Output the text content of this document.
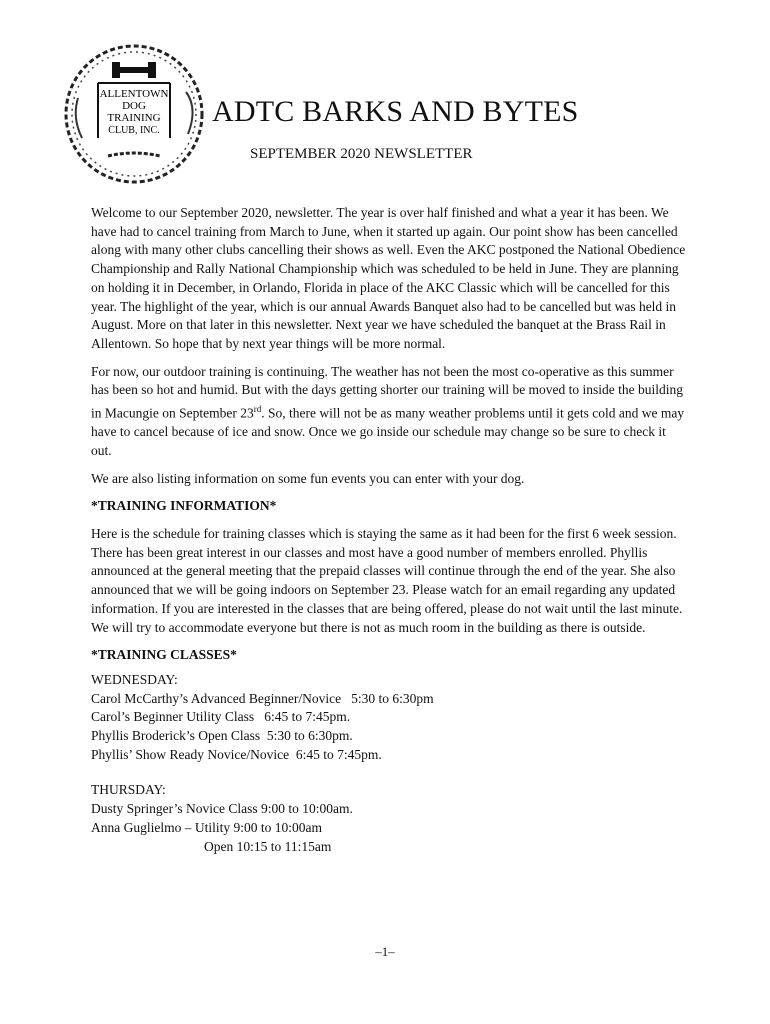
ALLENTOWN
DOG
TRAINING
CLUB, INC.
ADTC BARKS AND BYTES
SEPTEMBER 2020 NEWSLETTER

Welcome to our September 2020, newsletter. The year is over half finished and what a year it has been. We have had to cancel training from March to June, when it started up again. Our point show has been cancelled along with many other clubs cancelling their shows as well. Even the AKC postponed the National Obedience Championship and Rally National Championship which was scheduled to be held in June. They are planning on holding it in December, in Orlando, Florida in place of the AKC Classic which will be cancelled for this year. The highlight of the year, which is our annual Awards Banquet also had to be cancelled but was held in August. More on that later in this newsletter. Next year we have scheduled the banquet at the Brass Rail in Allentown. So hope that by next year things will be more normal.

For now, our outdoor training is continuing. The weather has not been the most co-operative as this summer has been so hot and humid. But with the days getting shorter our training will be moved to inside the building in Macungie on September 23rd. So, there will not be as many weather problems until it gets cold and we may have to cancel because of ice and snow. Once we go inside our schedule may change so be sure to check it out.

We are also listing information on some fun events you can enter with your dog.

*TRAINING INFORMATION*

Here is the schedule for training classes which is staying the same as it had been for the first 6 week session. There has been great interest in our classes and most have a good number of members enrolled. Phyllis announced at the general meeting that the prepaid classes will continue through the end of the year. She also announced that we will be going indoors on September 23. Please watch for an email regarding any updated information. If you are interested in the classes that are being offered, please do not wait until the last minute. We will try to accommodate everyone but there is not as much room in the building as there is outside.

*TRAINING CLASSES*

WEDNESDAY:
Carol McCarthy’s Advanced Beginner/Novice   5:30 to 6:30pm
Carol’s Beginner Utility Class   6:45 to 7:45pm.
Phyllis Broderick’s Open Class  5:30 to 6:30pm.
Phyllis’ Show Ready Novice/Novice  6:45 to 7:45pm.
THURSDAY:
Dusty Springer’s Novice Class 9:00 to 10:00am.
Anna Guglielmo – Utility 9:00 to 10:00am
Open 10:15 to 11:15am
–1–
